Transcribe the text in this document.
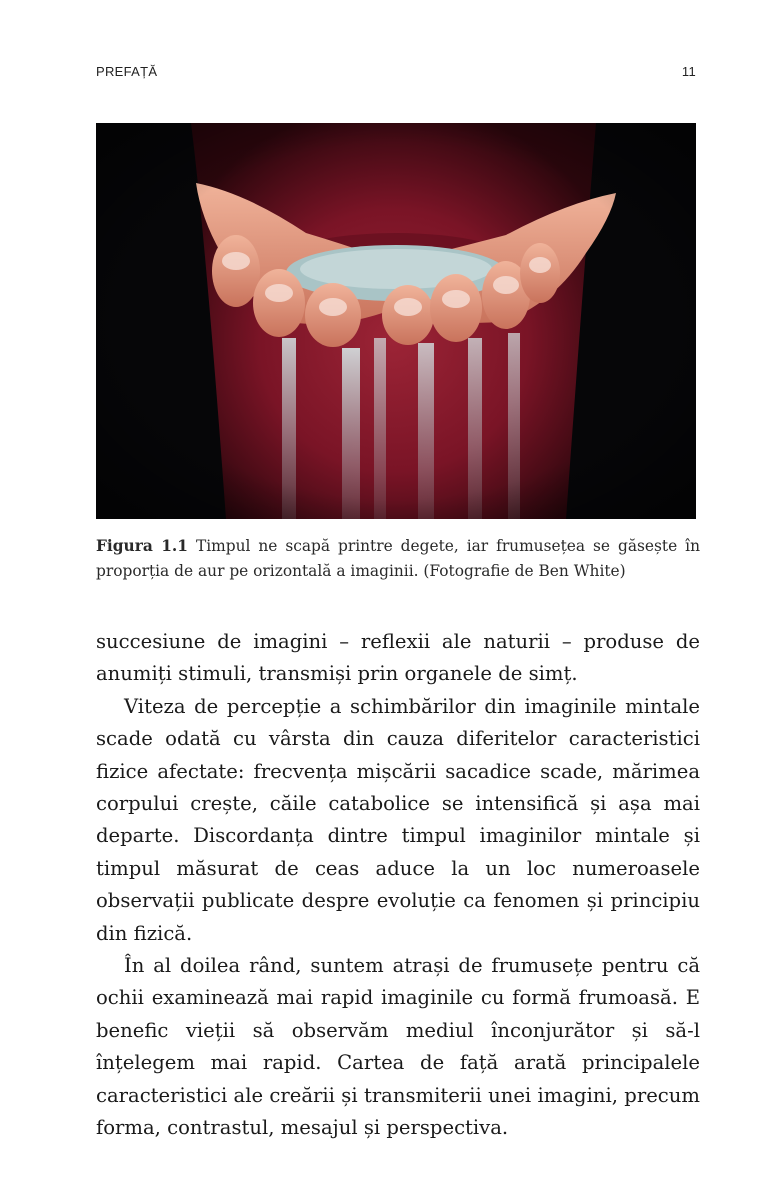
PREFAȚĂ	11
Figura 1.1 Timpul ne scapă printre degete, iar frumusețea se găsește în proporția de aur pe orizontală a imaginii. (Fotografie de Ben White)

succesiune de imagini – reflexii ale naturii – produse de anumiți stimuli, transmiși prin organele de simț.

Viteza de percepție a schimbărilor din imaginile mintale scade odată cu vârsta din cauza diferitelor caracteristici fizice afectate: frecvența mișcării sacadice scade, mărimea corpului crește, căile catabolice se intensifică și așa mai departe. Discordanța dintre timpul imaginilor mintale și timpul măsurat de ceas aduce la un loc numeroasele observații publicate despre evoluție ca fenomen și principiu din fizică.

În al doilea rând, suntem atrași de frumusețe pentru că ochii examinează mai rapid imaginile cu formă frumoasă. E benefic vieții să observăm mediul înconjurător și să-l înțelegem mai rapid. Cartea de față arată principalele caracteristici ale creării și transmiterii unei imagini, precum forma, contrastul, mesajul și perspectiva.
